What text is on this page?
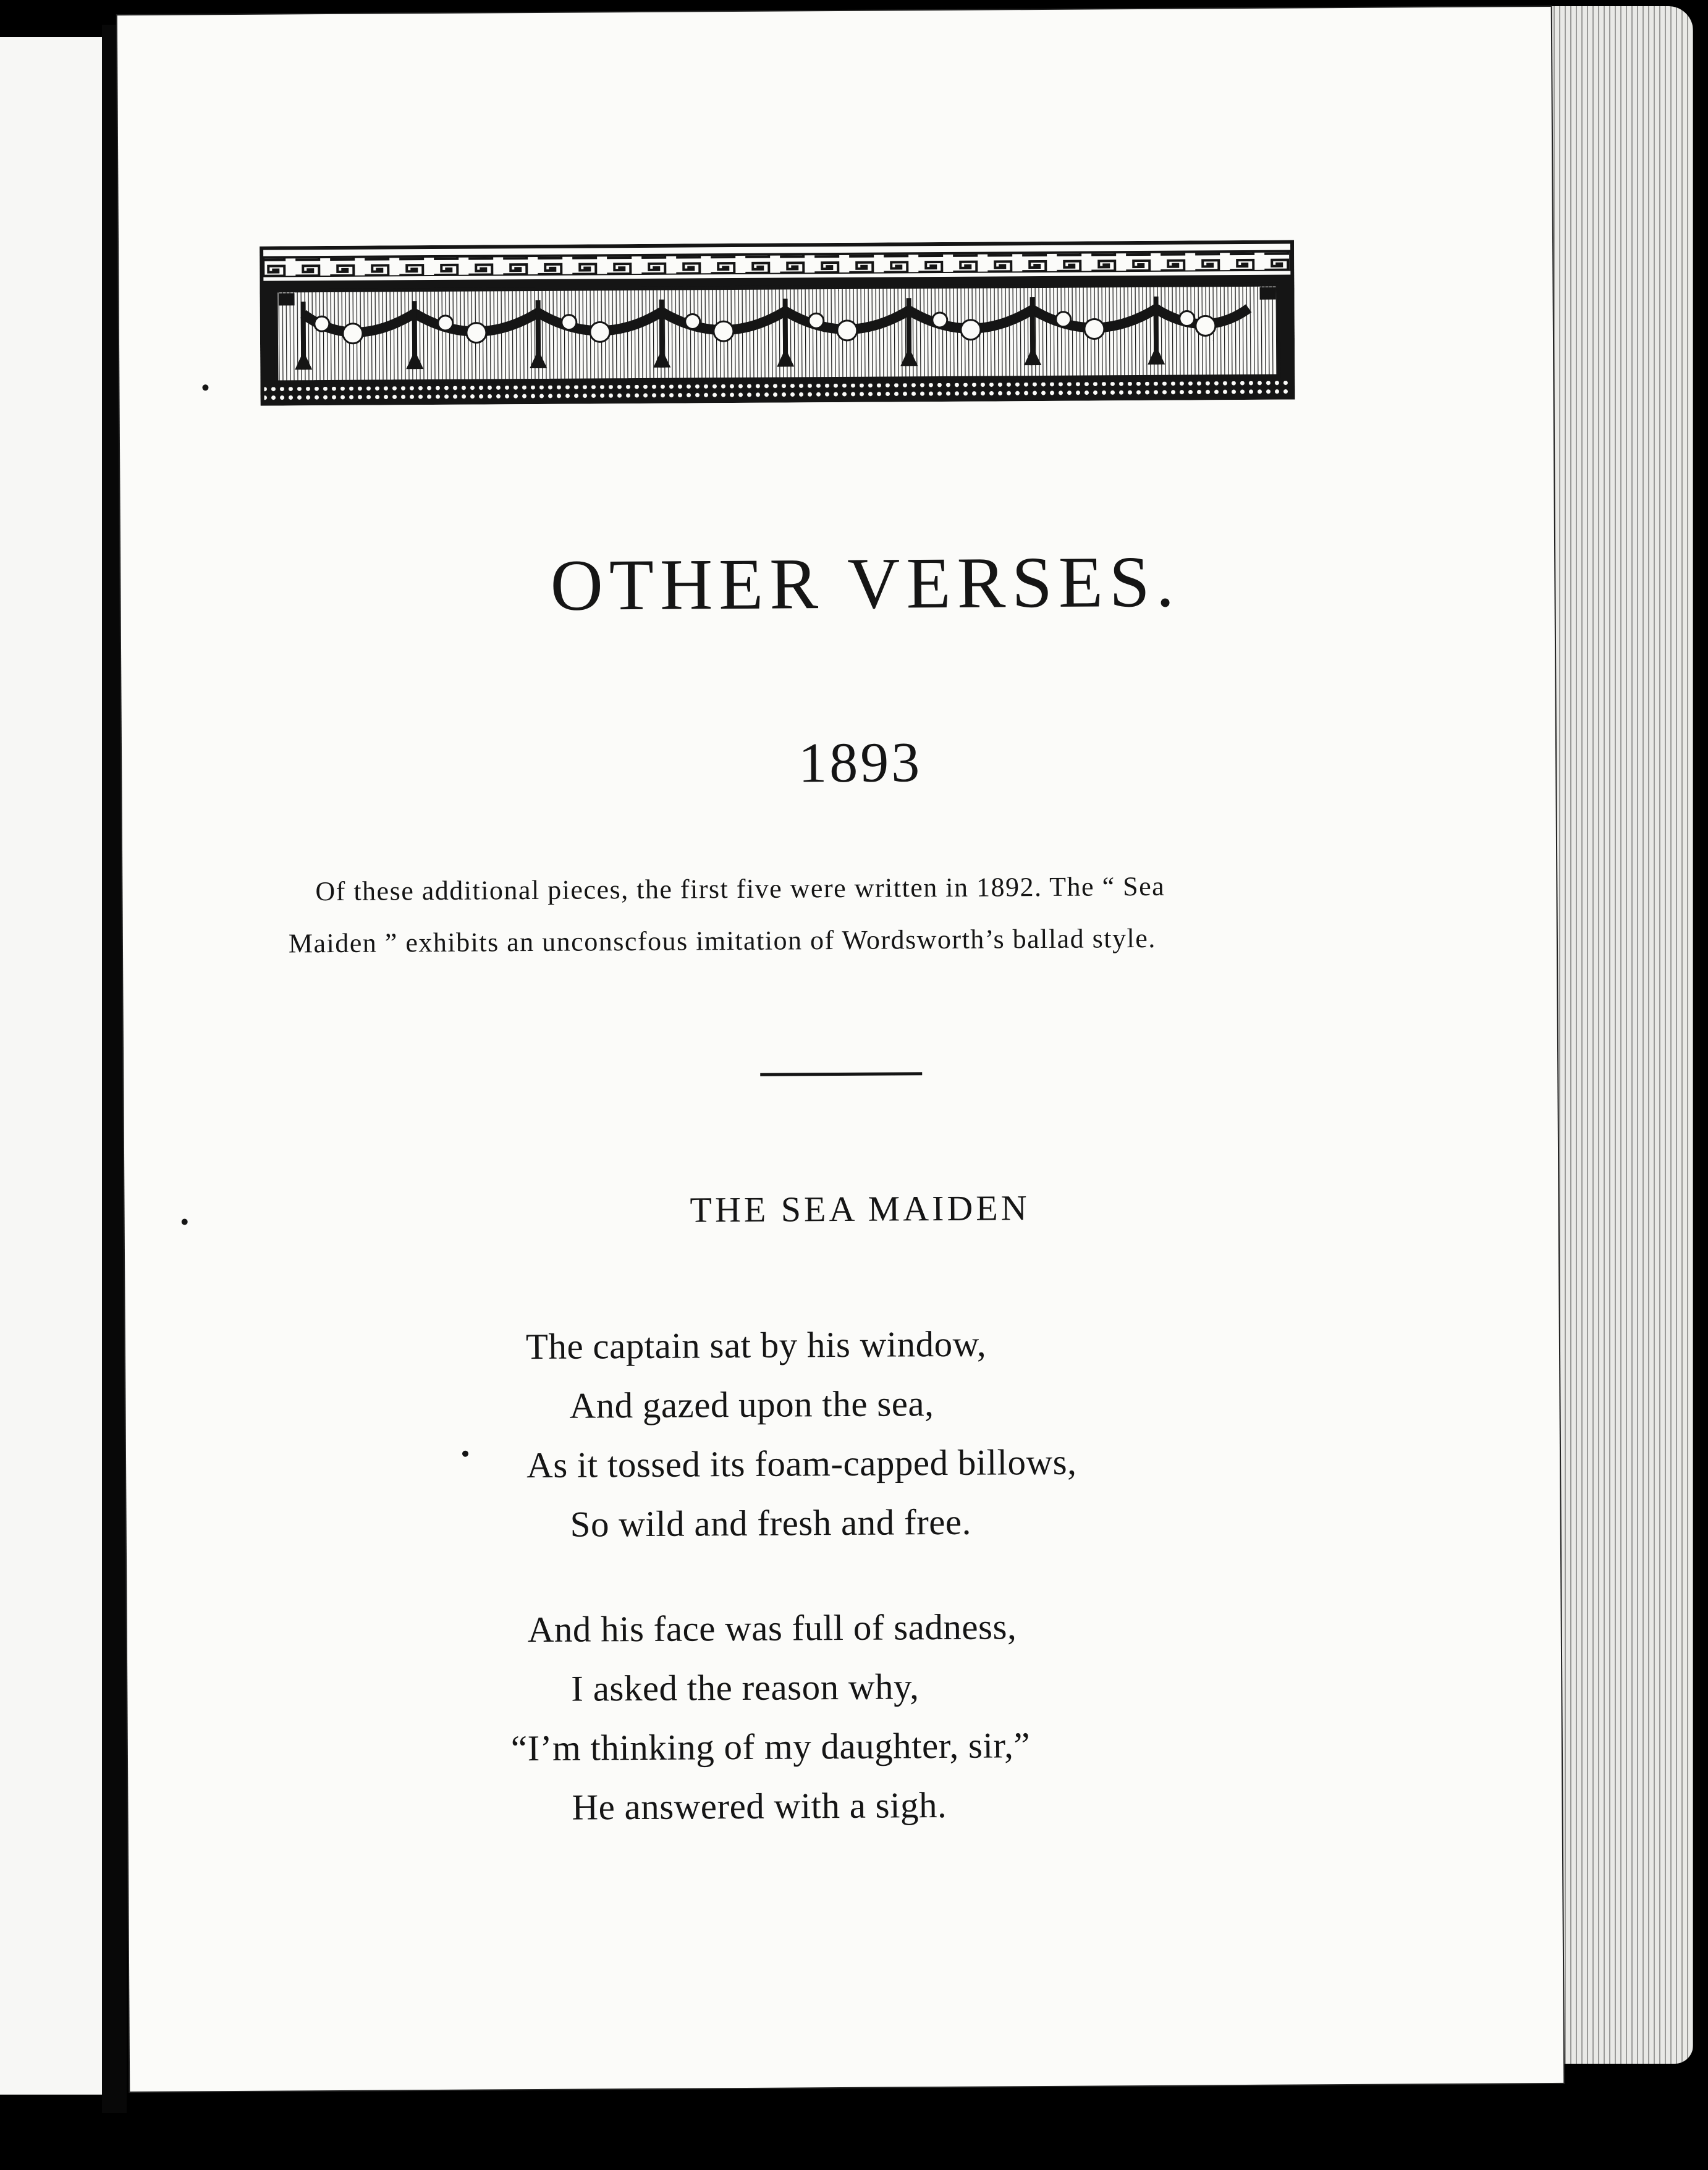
OTHER VERSES.
1893
Of these additional pieces, the first five were written in 1892. The “ Sea
Maiden ” exhibits an unconscfous imitation of Wordsworth’s ballad style.
THE SEA MAIDEN
The captain sat by his window,
And gazed upon the sea,
As it tossed its foam-capped billows,
So wild and fresh and free.
And his face was full of sadness,
I asked the reason why,
“I’m thinking of my daughter, sir,”
He answered with a sigh.
